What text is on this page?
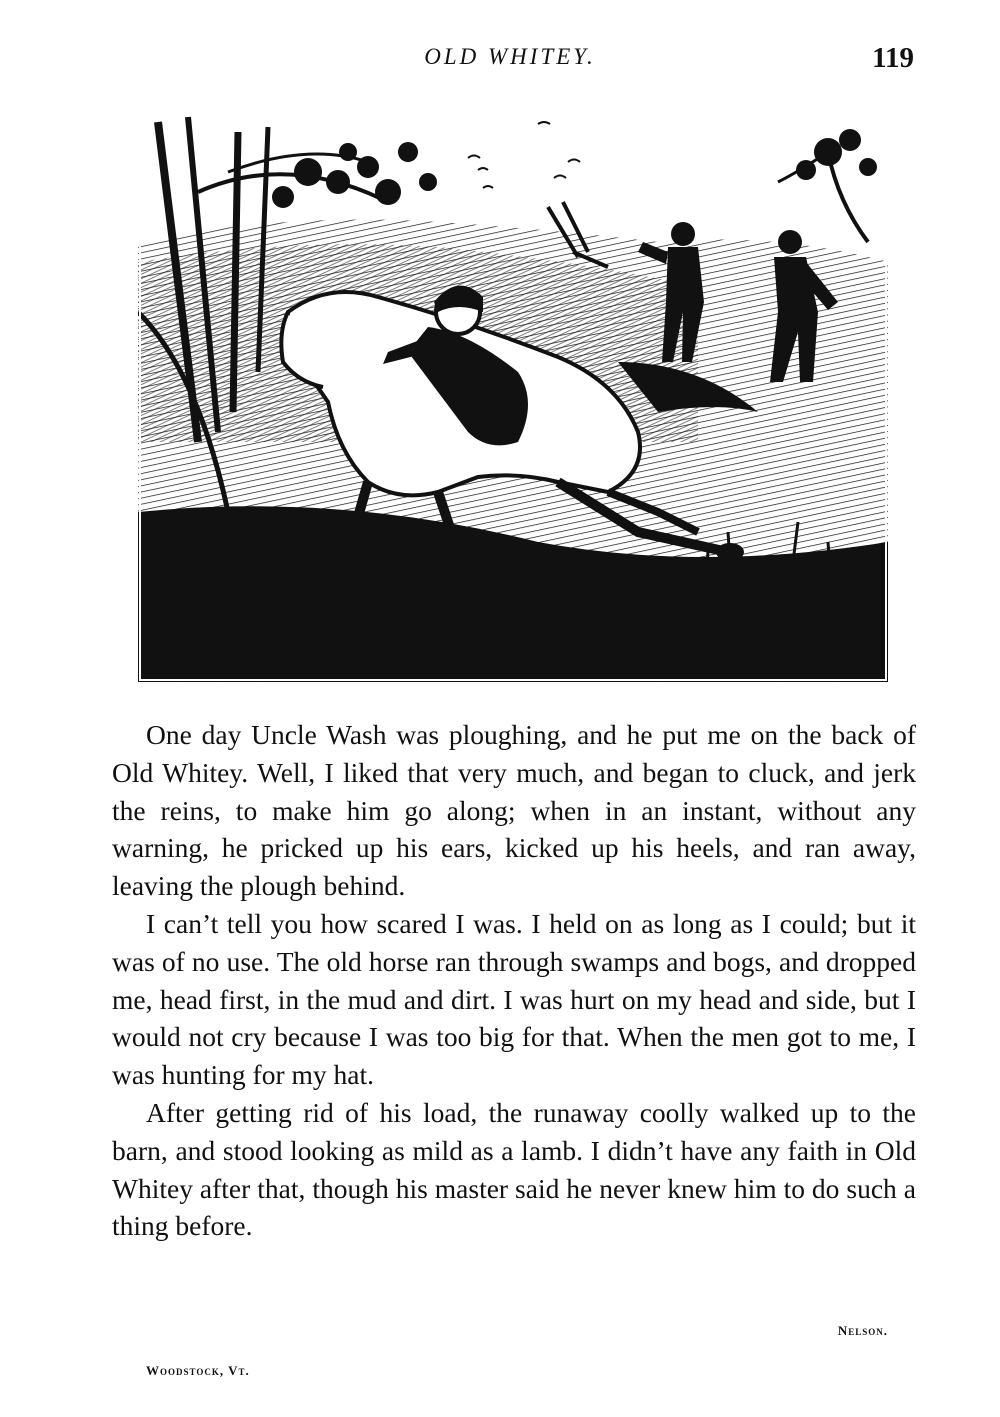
OLD WHITEY.	119

One day Uncle Wash was ploughing, and he put me on the back of Old Whitey. Well, I liked that very much, and began to cluck, and jerk the reins, to make him go along; when in an instant, without any warning, he pricked up his ears, kicked up his heels, and ran away, leaving the plough behind.

I can’t tell you how scared I was. I held on as long as I could; but it was of no use. The old horse ran through swamps and bogs, and dropped me, head first, in the mud and dirt. I was hurt on my head and side, but I would not cry because I was too big for that. When the men got to me, I was hunting for my hat.

After getting rid of his load, the runaway coolly walked up to the barn, and stood looking as mild as a lamb. I didn’t have any faith in Old Whitey after that, though his master said he never knew him to do such a thing before.

Nelson.
Woodstock, Vt.
